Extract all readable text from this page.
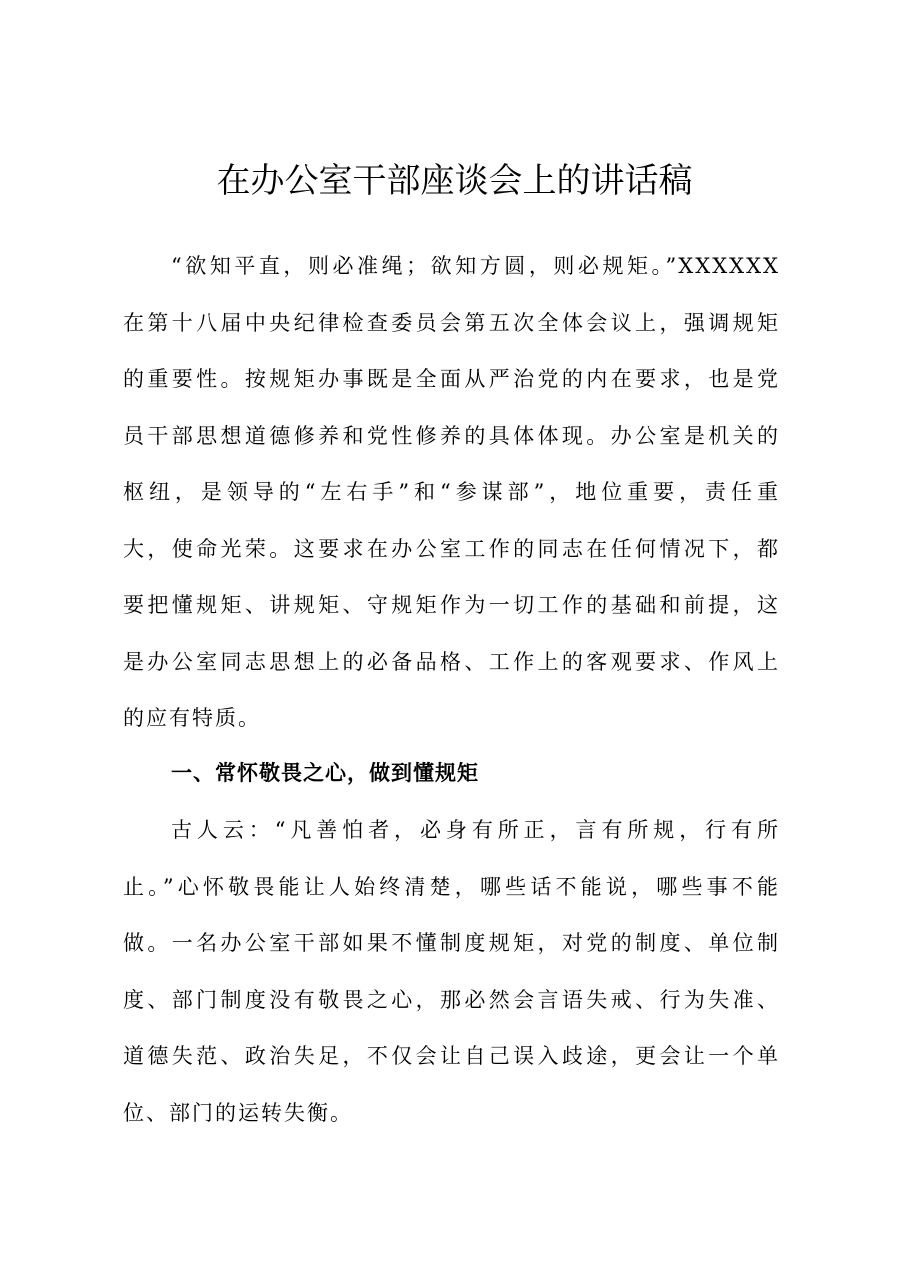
在办公室干部座谈会上的讲话稿
“欲知平直，则必准绳；欲知方圆，则必规矩。”XXXXXX
在第十八届中央纪律检查委员会第五次全体会议上，强调规矩
的重要性。按规矩办事既是全面从严治党的内在要求，也是党
员干部思想道德修养和党性修养的具体体现。办公室是机关的
枢纽，是领导的“左右手”和“参谋部”，地位重要，责任重
大，使命光荣。这要求在办公室工作的同志在任何情况下，都
要把懂规矩、讲规矩、守规矩作为一切工作的基础和前提，这
是办公室同志思想上的必备品格、工作上的客观要求、作风上
的应有特质。
一、常怀敬畏之心，做到懂规矩
古人云：“凡善怕者，必身有所正，言有所规，行有所
止。”心怀敬畏能让人始终清楚，哪些话不能说，哪些事不能
做。一名办公室干部如果不懂制度规矩，对党的制度、单位制
度、部门制度没有敬畏之心，那必然会言语失戒、行为失准、
道德失范、政治失足，不仅会让自己误入歧途，更会让一个单
位、部门的运转失衡。
